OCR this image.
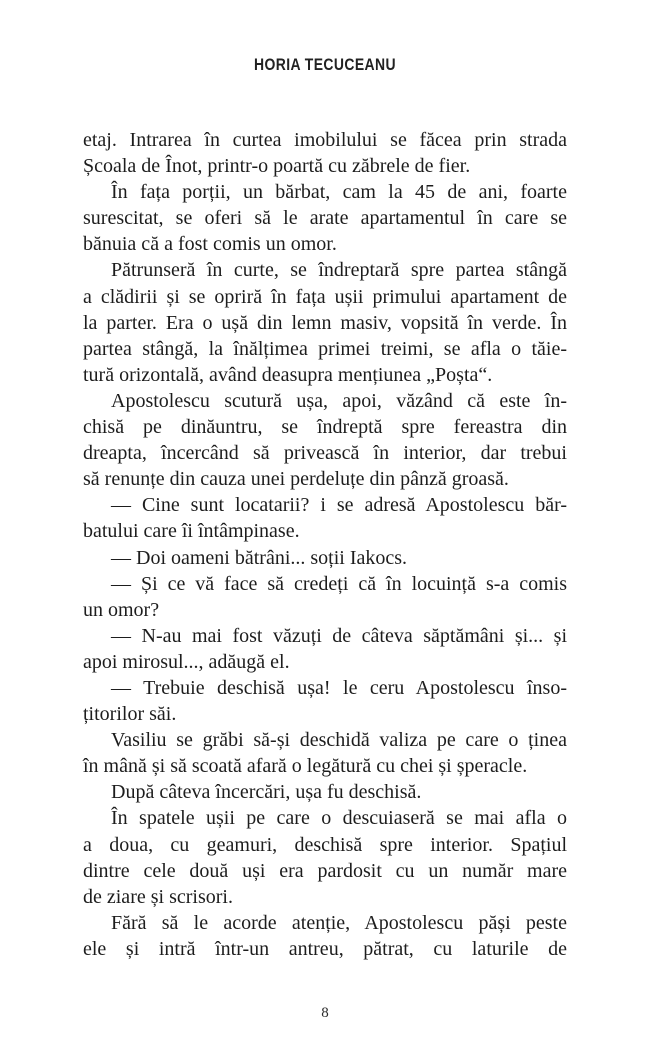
HORIA TECUCEANU
etaj. Intrarea în curtea imobilului se făcea prin strada
Școala de Înot, printr-o poartă cu zăbrele de fier.
În fața porții, un bărbat, cam la 45 de ani, foarte
surescitat, se oferi să le arate apartamentul în care se
bănuia că a fost comis un omor.
Pătrunseră în curte, se îndreptară spre partea stângă
a clădirii și se opriră în fața ușii primului apartament de
la parter. Era o ușă din lemn masiv, vopsită în verde. În
partea stângă, la înălțimea primei treimi, se afla o tăie-
tură orizontală, având deasupra mențiunea „Poșta“.
Apostolescu scutură ușa, apoi, văzând că este în-
chisă pe dinăuntru, se îndreptă spre fereastra din
dreapta, încercând să privească în interior, dar trebui
să renunțe din cauza unei perdeluțe din pânză groasă.
— Cine sunt locatarii? i se adresă Apostolescu băr-
batului care îi întâmpinase.
— Doi oameni bătrâni... soții Iakocs.
— Și ce vă face să credeți că în locuință s-a comis
un omor?
— N-au mai fost văzuți de câteva săptămâni și... și
apoi mirosul..., adăugă el.
— Trebuie deschisă ușa! le ceru Apostolescu înso-
țitorilor săi.
Vasiliu se grăbi să-și deschidă valiza pe care o ținea
în mână și să scoată afară o legătură cu chei și șperacle.
După câteva încercări, ușa fu deschisă.
În spatele ușii pe care o descuiaseră se mai afla o
a doua, cu geamuri, deschisă spre interior. Spațiul
dintre cele două uși era pardosit cu un număr mare
de ziare și scrisori.
Fără să le acorde atenție, Apostolescu păși peste
ele și intră într-un antreu, pătrat, cu laturile de
8
